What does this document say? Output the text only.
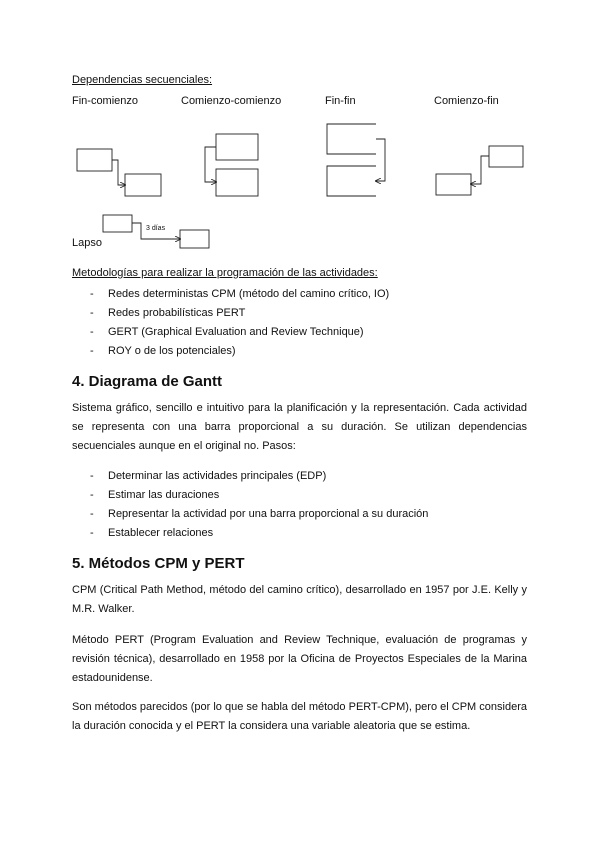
Dependencias secuenciales:
Fin-comienzo	Comienzo-comienzo	Fin-fin	Comienzo-fin
3 días
Lapso
Metodologías para realizar la programación de las actividades:
- Redes deterministas CPM (método del camino crítico, IO)
- Redes probabilísticas PERT
- GERT (Graphical Evaluation and Review Technique)
- ROY o de los potenciales)
4. Diagrama de Gantt

Sistema gráfico, sencillo e intuitivo para la planificación y la representación. Cada actividad se representa con una barra proporcional a su duración. Se utilizan dependencias secuenciales aunque en el original no. Pasos:

- Determinar las actividades principales (EDP)
- Estimar las duraciones
- Representar la actividad por una barra proporcional a su duración
- Establecer relaciones
5. Métodos CPM y PERT

CPM (Critical Path Method, método del camino crítico), desarrollado en 1957 por J.E. Kelly y M.R. Walker.

Método PERT (Program Evaluation and Review Technique, evaluación de programas y revisión técnica), desarrollado en 1958 por la Oficina de Proyectos Especiales de la Marina estadounidense.

Son métodos parecidos (por lo que se habla del método PERT-CPM), pero el CPM considera la duración conocida y el PERT la considera una variable aleatoria que se estima.
